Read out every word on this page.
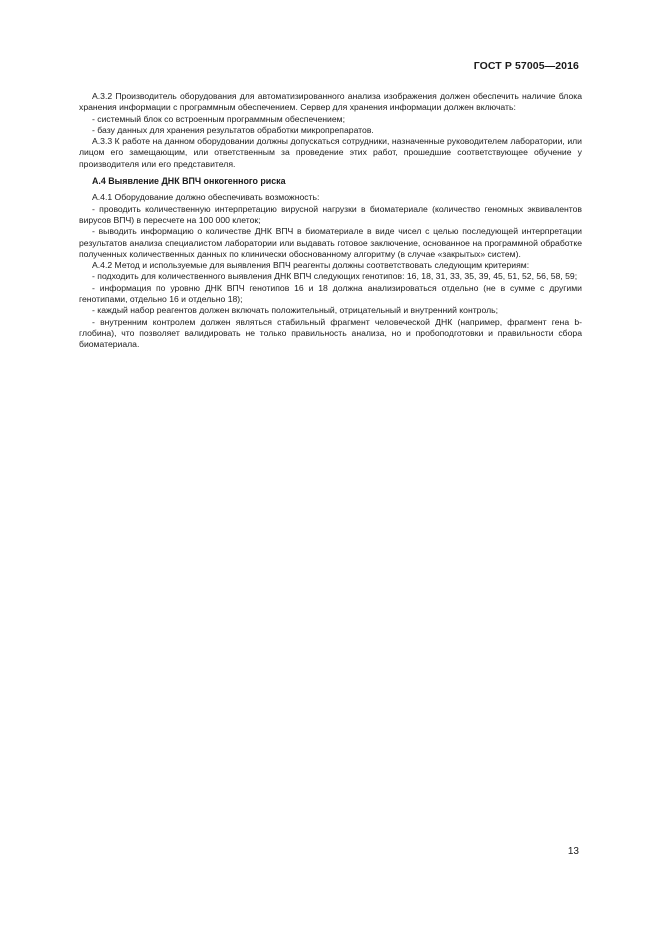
ГОСТ Р 57005—2016

А.3.2 Производитель оборудования для автоматизированного анализа изображения должен обеспечить наличие блока хранения информации с программным обеспечением. Сервер для хранения информации должен включать:

- системный блок со встроенным программным обеспечением;

- базу данных для хранения результатов обработки микропрепаратов.

А.3.3 К работе на данном оборудовании должны допускаться сотрудники, назначенные руководителем лаборатории, или лицом его замещающим, или ответственным за проведение этих работ, прошедшие соответствующее обучение у производителя или его представителя.

А.4 Выявление ДНК ВПЧ онкогенного риска

А.4.1 Оборудование должно обеспечивать возможность:

- проводить количественную интерпретацию вирусной нагрузки в биоматериале (количество геномных эквивалентов вирусов ВПЧ) в пересчете на 100 000 клеток;

- выводить информацию о количестве ДНК ВПЧ в биоматериале в виде чисел с целью последующей интерпретации результатов анализа специалистом лаборатории или выдавать готовое заключение, основанное на программной обработке полученных количественных данных по клинически обоснованному алгоритму (в случае «закрытых» систем).

А.4.2 Метод и используемые для выявления ВПЧ реагенты должны соответствовать следующим критериям:

- подходить для количественного выявления ДНК ВПЧ следующих генотипов: 16, 18, 31, 33, 35, 39, 45, 51, 52, 56, 58, 59;

- информация по уровню ДНК ВПЧ генотипов 16 и 18 должна анализироваться отдельно (не в сумме с другими генотипами, отдельно 16 и отдельно 18);

- каждый набор реагентов должен включать положительный, отрицательный и внутренний контроль;

- внутренним контролем должен являться стабильный фрагмент человеческой ДНК (например, фрагмент гена b-глобина), что позволяет валидировать не только правильность анализа, но и пробоподготовки и правильности сбора биоматериала.

13
